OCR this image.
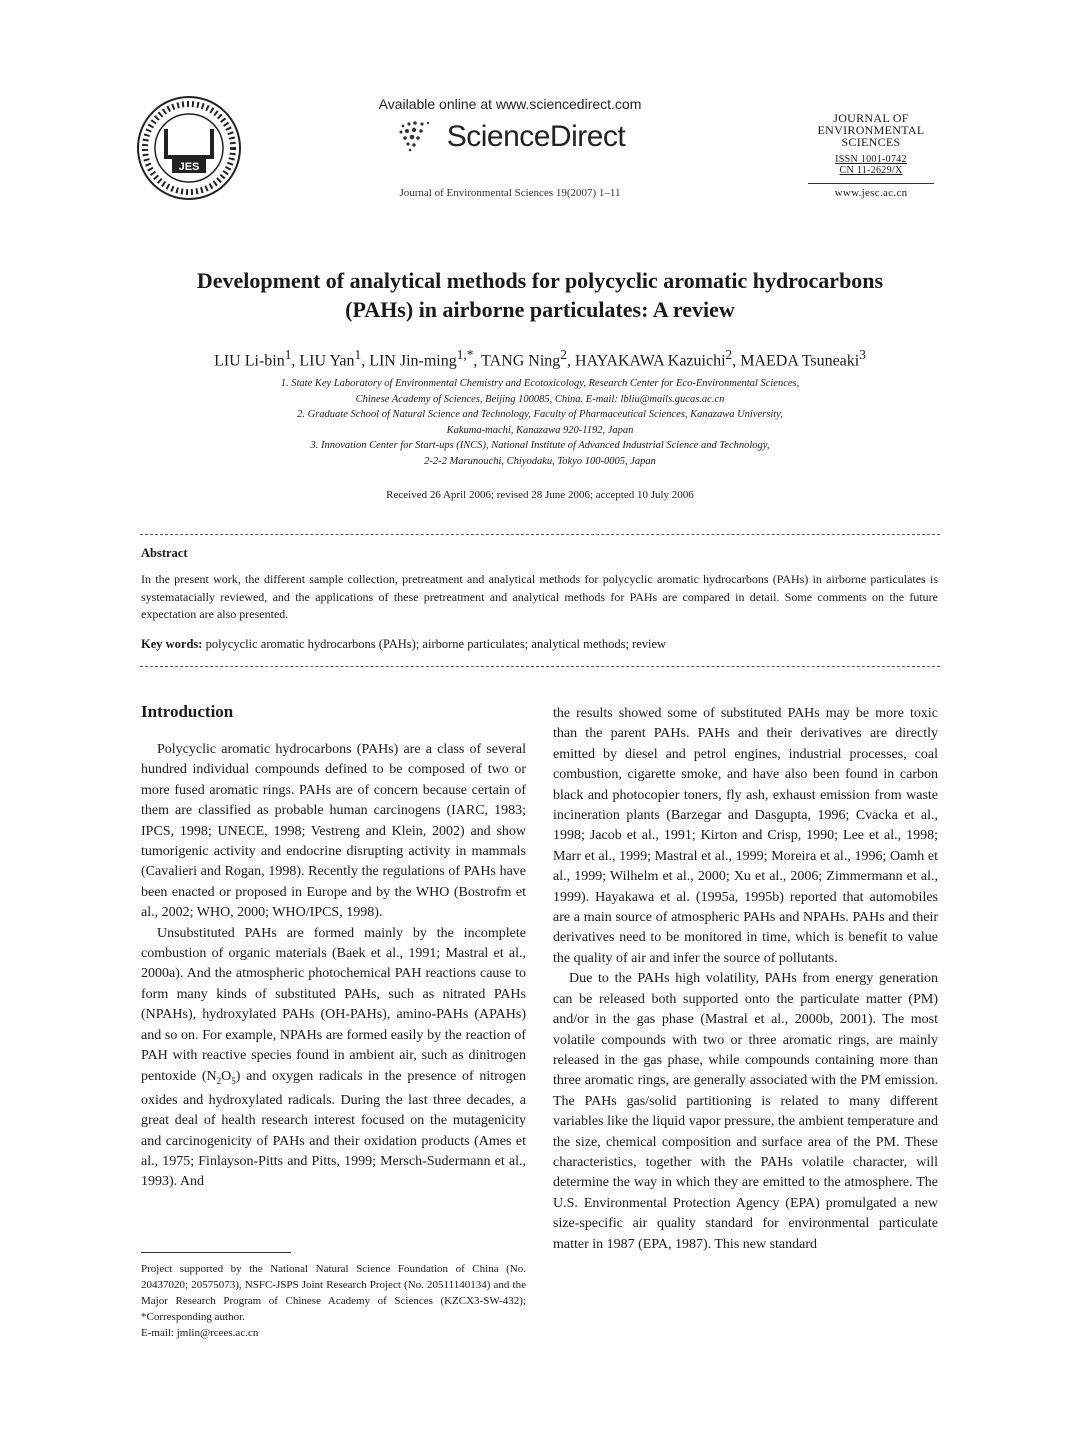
JES
Available online at www.sciencedirect.com
ScienceDirect
Journal of Environmental Sciences 19(2007) 1–11
JOURNAL OF
ENVIRONMENTAL
SCIENCES
ISSN 1001-0742
CN 11-2629/X
www.jesc.ac.cn
Development of analytical methods for polycyclic aromatic hydrocarbons
(PAHs) in airborne particulates: A review
LIU Li-bin$^1$, LIU Yan$^1$, LIN Jin-ming$^{1,*}$, TANG Ning$^2$, HAYAKAWA Kazuichi$^2$, MAEDA Tsuneaki$^3$
1. State Key Laboratory of Environmental Chemistry and Ecotoxicology, Research Center for Eco-Environmental Sciences,
Chinese Academy of Sciences, Beijing 100085, China. E-mail: lbliu@mails.gucas.ac.cn
2. Graduate School of Natural Science and Technology, Faculty of Pharmaceutical Sciences, Kanazawa University,
Kakuma-machi, Kanazawa 920-1192, Japan
3. Innovation Center for Start-ups (INCS), National Institute of Advanced Industrial Science and Technology,
2-2-2 Marunouchi, Chiyodaku, Tokyo 100-0005, Japan
Received 26 April 2006; revised 28 June 2006; accepted 10 July 2006
Abstract
In the present work, the different sample collection, pretreatment and analytical methods for polycyclic aromatic hydrocarbons (PAHs) in airborne particulates is systematacially reviewed, and the applications of these pretreatment and analytical methods for PAHs are compared in detail. Some comments on the future expectation are also presented.
Key words: polycyclic aromatic hydrocarbons (PAHs); airborne particulates; analytical methods; review
Introduction

Polycyclic aromatic hydrocarbons (PAHs) are a class of several hundred individual compounds defined to be composed of two or more fused aromatic rings. PAHs are of concern because certain of them are classified as probable human carcinogens (IARC, 1983; IPCS, 1998; UNECE, 1998; Vestreng and Klein, 2002) and show tumorigenic activity and endocrine disrupting activity in mammals (Cavalieri and Rogan, 1998). Recently the regulations of PAHs have been enacted or proposed in Europe and by the WHO (Bostrofm et al., 2002; WHO, 2000; WHO/IPCS, 1998).

Unsubstituted PAHs are formed mainly by the incomplete combustion of organic materials (Baek et al., 1991; Mastral et al., 2000a). And the atmospheric photochemical PAH reactions cause to form many kinds of substituted PAHs, such as nitrated PAHs (NPAHs), hydroxylated PAHs (OH-PAHs), amino-PAHs (APAHs) and so on. For example, NPAHs are formed easily by the reaction of PAH with reactive species found in ambient air, such as dinitrogen pentoxide $(N_2O_5)$ and oxygen radicals in the presence of nitrogen oxides and hydroxylated radicals. During the last three decades, a great deal of health research interest focused on the mutagenicity and carcinogenicity of PAHs and their oxidation products (Ames et al., 1975; Finlayson-Pitts and Pitts, 1999; Mersch-Sudermann et al., 1993). And

Project supported by the National Natural Science Foundation of China (No. 20437020; 20575073), NSFC-JSPS Joint Research Project (No. 20511140134) and the Major Research Program of Chinese Academy of Sciences (KZCX3-SW-432); *Corresponding author.
E-mail: jmlin@rcees.ac.cn

the results showed some of substituted PAHs may be more toxic than the parent PAHs. PAHs and their derivatives are directly emitted by diesel and petrol engines, industrial processes, coal combustion, cigarette smoke, and have also been found in carbon black and photocopier toners, fly ash, exhaust emission from waste incineration plants (Barzegar and Dasgupta, 1996; Cvacka et al., 1998; Jacob et al., 1991; Kirton and Crisp, 1990; Lee et al., 1998; Marr et al., 1999; Mastral et al., 1999; Moreira et al., 1996; Oamh et al., 1999; Wilhelm et al., 2000; Xu et al., 2006; Zimmermann et al., 1999). Hayakawa et al. (1995a, 1995b) reported that automobiles are a main source of atmospheric PAHs and NPAHs. PAHs and their derivatives need to be monitored in time, which is benefit to value the quality of air and infer the source of pollutants.

Due to the PAHs high volatility, PAHs from energy generation can be released both supported onto the particulate matter (PM) and/or in the gas phase (Mastral et al., 2000b, 2001). The most volatile compounds with two or three aromatic rings, are mainly released in the gas phase, while compounds containing more than three aromatic rings, are generally associated with the PM emission. The PAHs gas/solid partitioning is related to many different variables like the liquid vapor pressure, the ambient temperature and the size, chemical composition and surface area of the PM. These characteristics, together with the PAHs volatile character, will determine the way in which they are emitted to the atmosphere. The U.S. Environmental Protection Agency (EPA) promulgated a new size-specific air quality standard for environmental particulate matter in 1987 (EPA, 1987). This new standard
